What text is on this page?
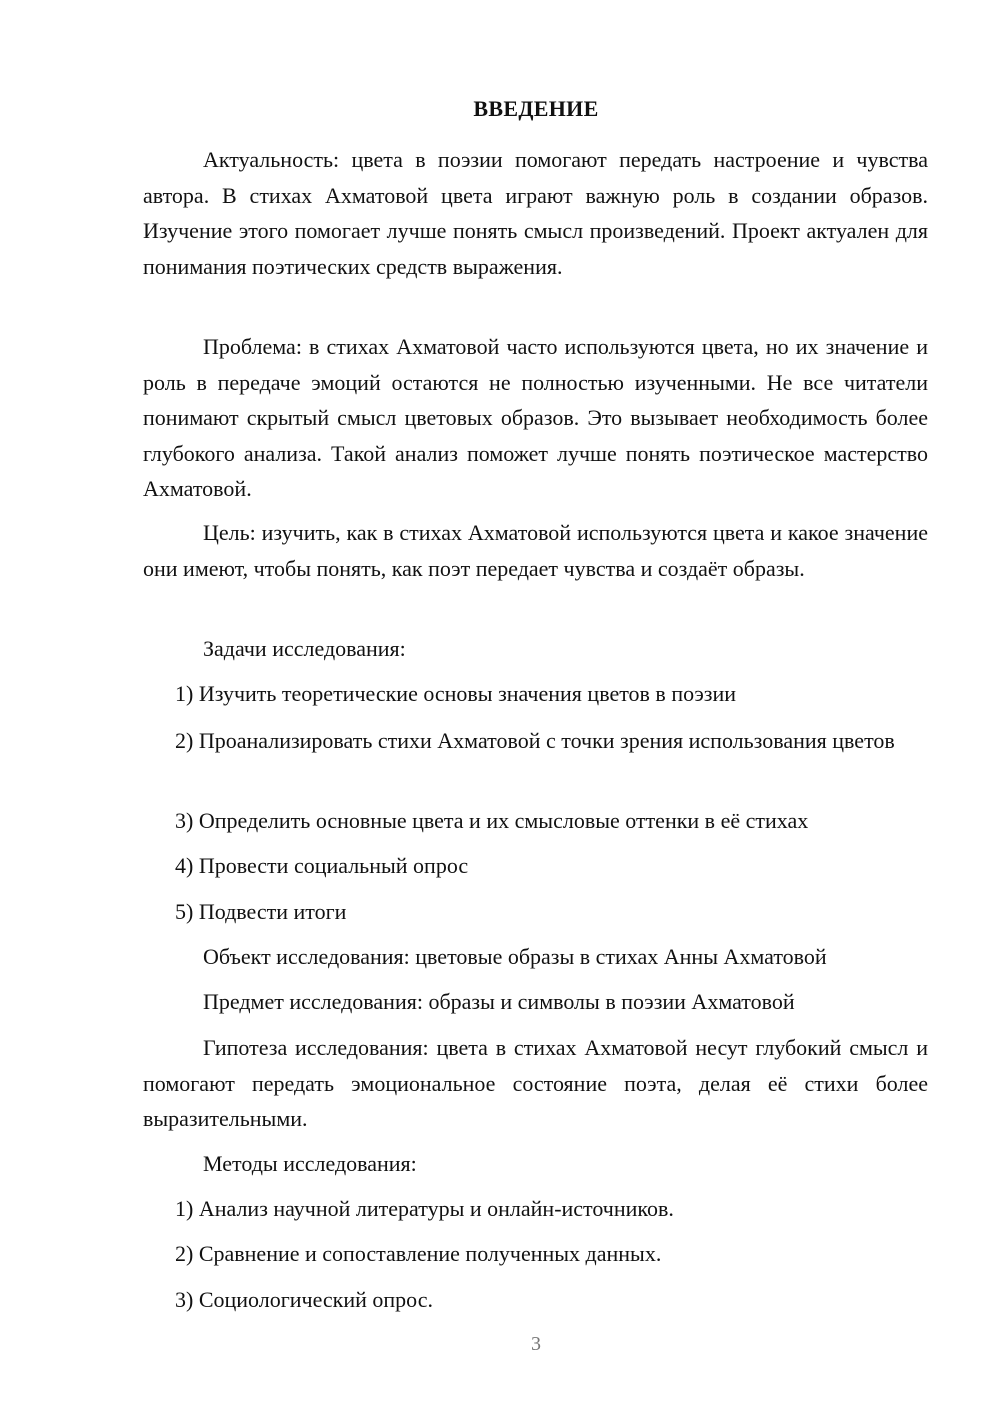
ВВЕДЕНИЕ

Актуальность: цвета в поэзии помогают передать настроение и чувства автора. В стихах Ахматовой цвета играют важную роль в создании образов. Изучение этого помогает лучше понять смысл произведений. Проект актуален для понимания поэтических средств выражения.

Проблема: в стихах Ахматовой часто используются цвета, но их значение и роль в передаче эмоций остаются не полностью изученными. Не все читатели понимают скрытый смысл цветовых образов. Это вызывает необходимость более глубокого анализа. Такой анализ поможет лучше понять поэтическое мастерство Ахматовой.

Цель: изучить, как в стихах Ахматовой используются цвета и какое значение они имеют, чтобы понять, как поэт передает чувства и создаёт образы.

Задачи исследования:

1) Изучить теоретические основы значения цветов в поэзии

2) Проанализировать стихи Ахматовой с точки зрения использования цветов

3) Определить основные цвета и их смысловые оттенки в её стихах

4) Провести социальный опрос

5) Подвести итоги

Объект исследования: цветовые образы в стихах Анны Ахматовой

Предмет исследования: образы и символы в поэзии Ахматовой

Гипотеза исследования: цвета в стихах Ахматовой несут глубокий смысл и помогают передать эмоциональное состояние поэта, делая её стихи более выразительными.

Методы исследования:

1) Анализ научной литературы и онлайн-источников.

2) Сравнение и сопоставление полученных данных.

3) Социологический опрос.

3
